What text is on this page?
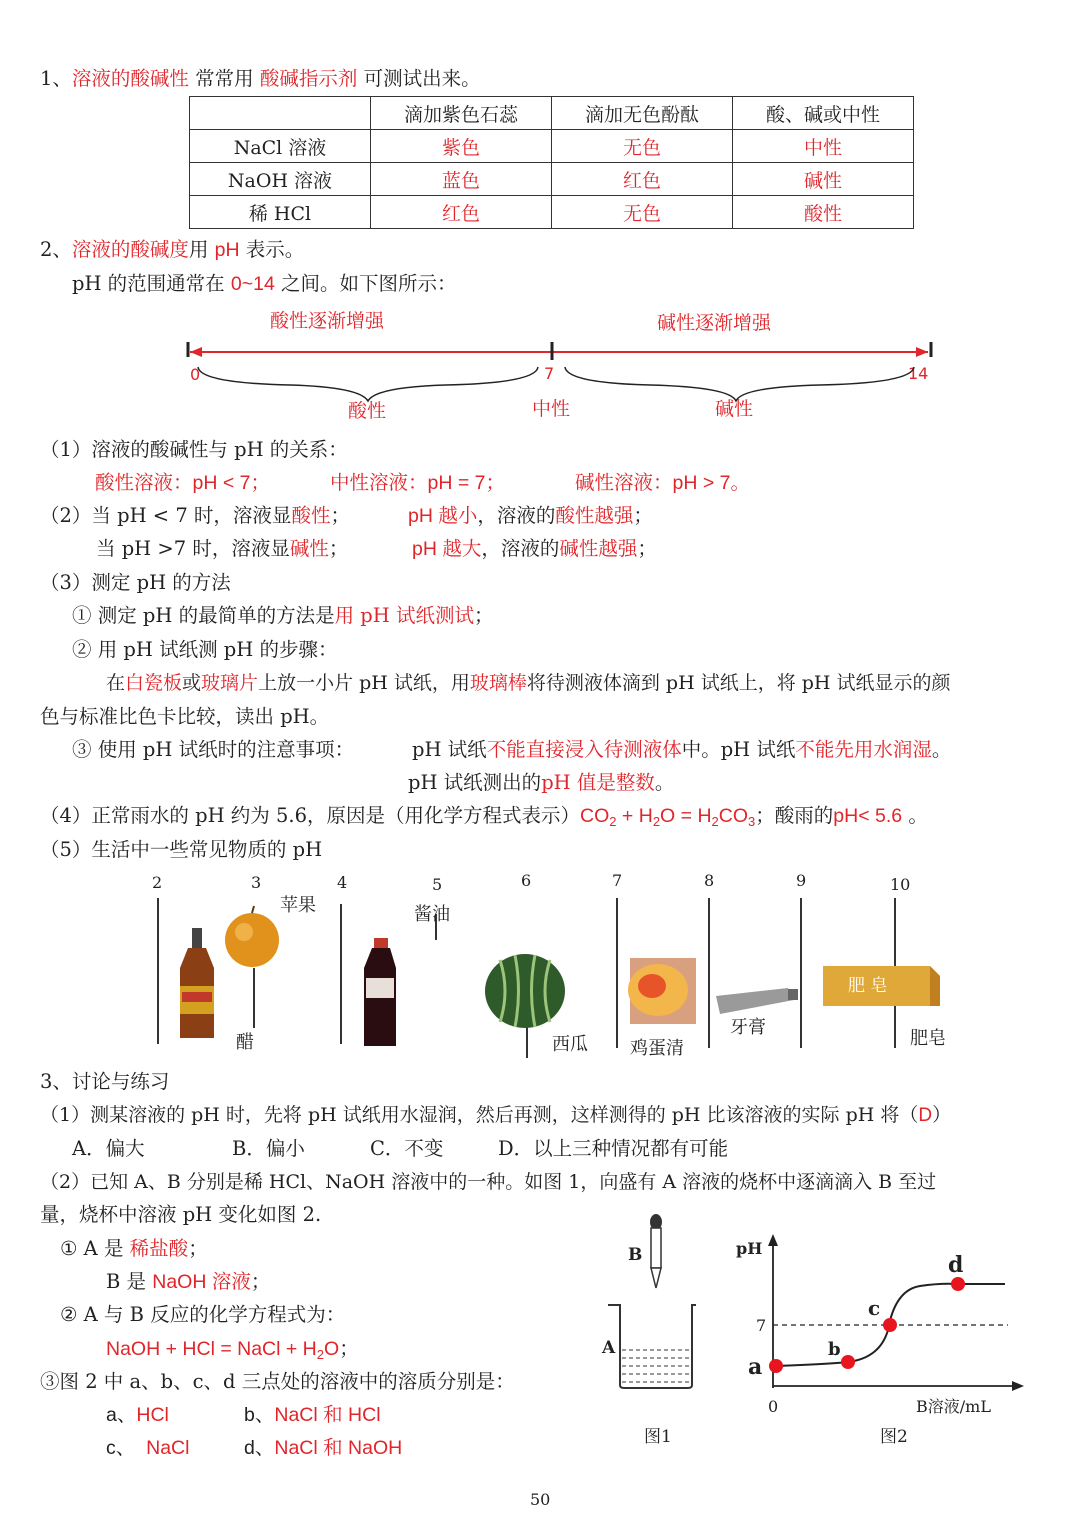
1、溶液的酸碱性 常常用 酸碱指示剂 可测试出来。
	滴加紫色石蕊	滴加无色酚酞	酸、碱或中性
NaCl 溶液	紫色	无色	中性
NaOH 溶液	蓝色	红色	碱性
稀 HCl	红色	无色	酸性
2、溶液的酸碱度用 pH 表示。
pH 的范围通常在 0~14 之间。如下图所示：
酸性逐渐增强	碱性逐渐增强
0	7	14
酸性	中性	碱性
（1）溶液的酸碱性与 pH 的关系：
酸性溶液：pH < 7；	中性溶液：pH = 7；	碱性溶液：pH > 7。
（2）当 pH < 7 时，溶液显酸性；	pH 越小，溶液的酸性越强；
当 pH >7 时，溶液显碱性；	pH 越大，溶液的碱性越强；
（3）测定 pH 的方法
① 测定 pH 的最简单的方法是用 pH 试纸测试；
② 用 pH 试纸测 pH 的步骤：
在白瓷板或玻璃片上放一小片 pH 试纸，用玻璃棒将待测液体滴到 pH 试纸上，将 pH 试纸显示的颜
色与标准比色卡比较，读出 pH。
③ 使用 pH 试纸时的注意事项：	pH 试纸不能直接浸入待测液体中。pH 试纸不能先用水润湿。
pH 试纸测出的pH 值是整数。
（4）正常雨水的 pH 约为 5.6，原因是（用化学方程式表示）$CO_2 + H_2O = H_2CO_3$；酸雨的pH< 5.6 。
（5）生活中一些常见物质的 pH
2	3	4	5	6	7	8	9	10
苹果
醋
酱油
西瓜 鸡蛋清
牙膏
肥 皂
肥皂
3、讨论与练习
（1）测某溶液的 pH 时，先将 pH 试纸用水湿润，然后再测，这样测得的 pH 比该溶液的实际 pH 将（D）
A．偏大	B．偏小	C．不变	D．以上三种情况都有可能
（2）已知 A、B 分别是稀 HCl、NaOH 溶液中的一种。如图 1，向盛有 A 溶液的烧杯中逐滴滴入 B 至过
量，烧杯中溶液 pH 变化如图 2.
① A 是 稀盐酸；
B 是 NaOH 溶液；
② A 与 B 反应的化学方程式为：
NaOH + HCl = NaCl + $H_2O$；
③图 2 中 a、b、c、d 三点处的溶液中的溶质分别是：
a、HCl	b、NaCl 和 HCl
c、 NaCl	d、NaCl 和 NaOH
B
A
图1
pH
7
0	B溶液/mL
a
b
c
d
图2
50
